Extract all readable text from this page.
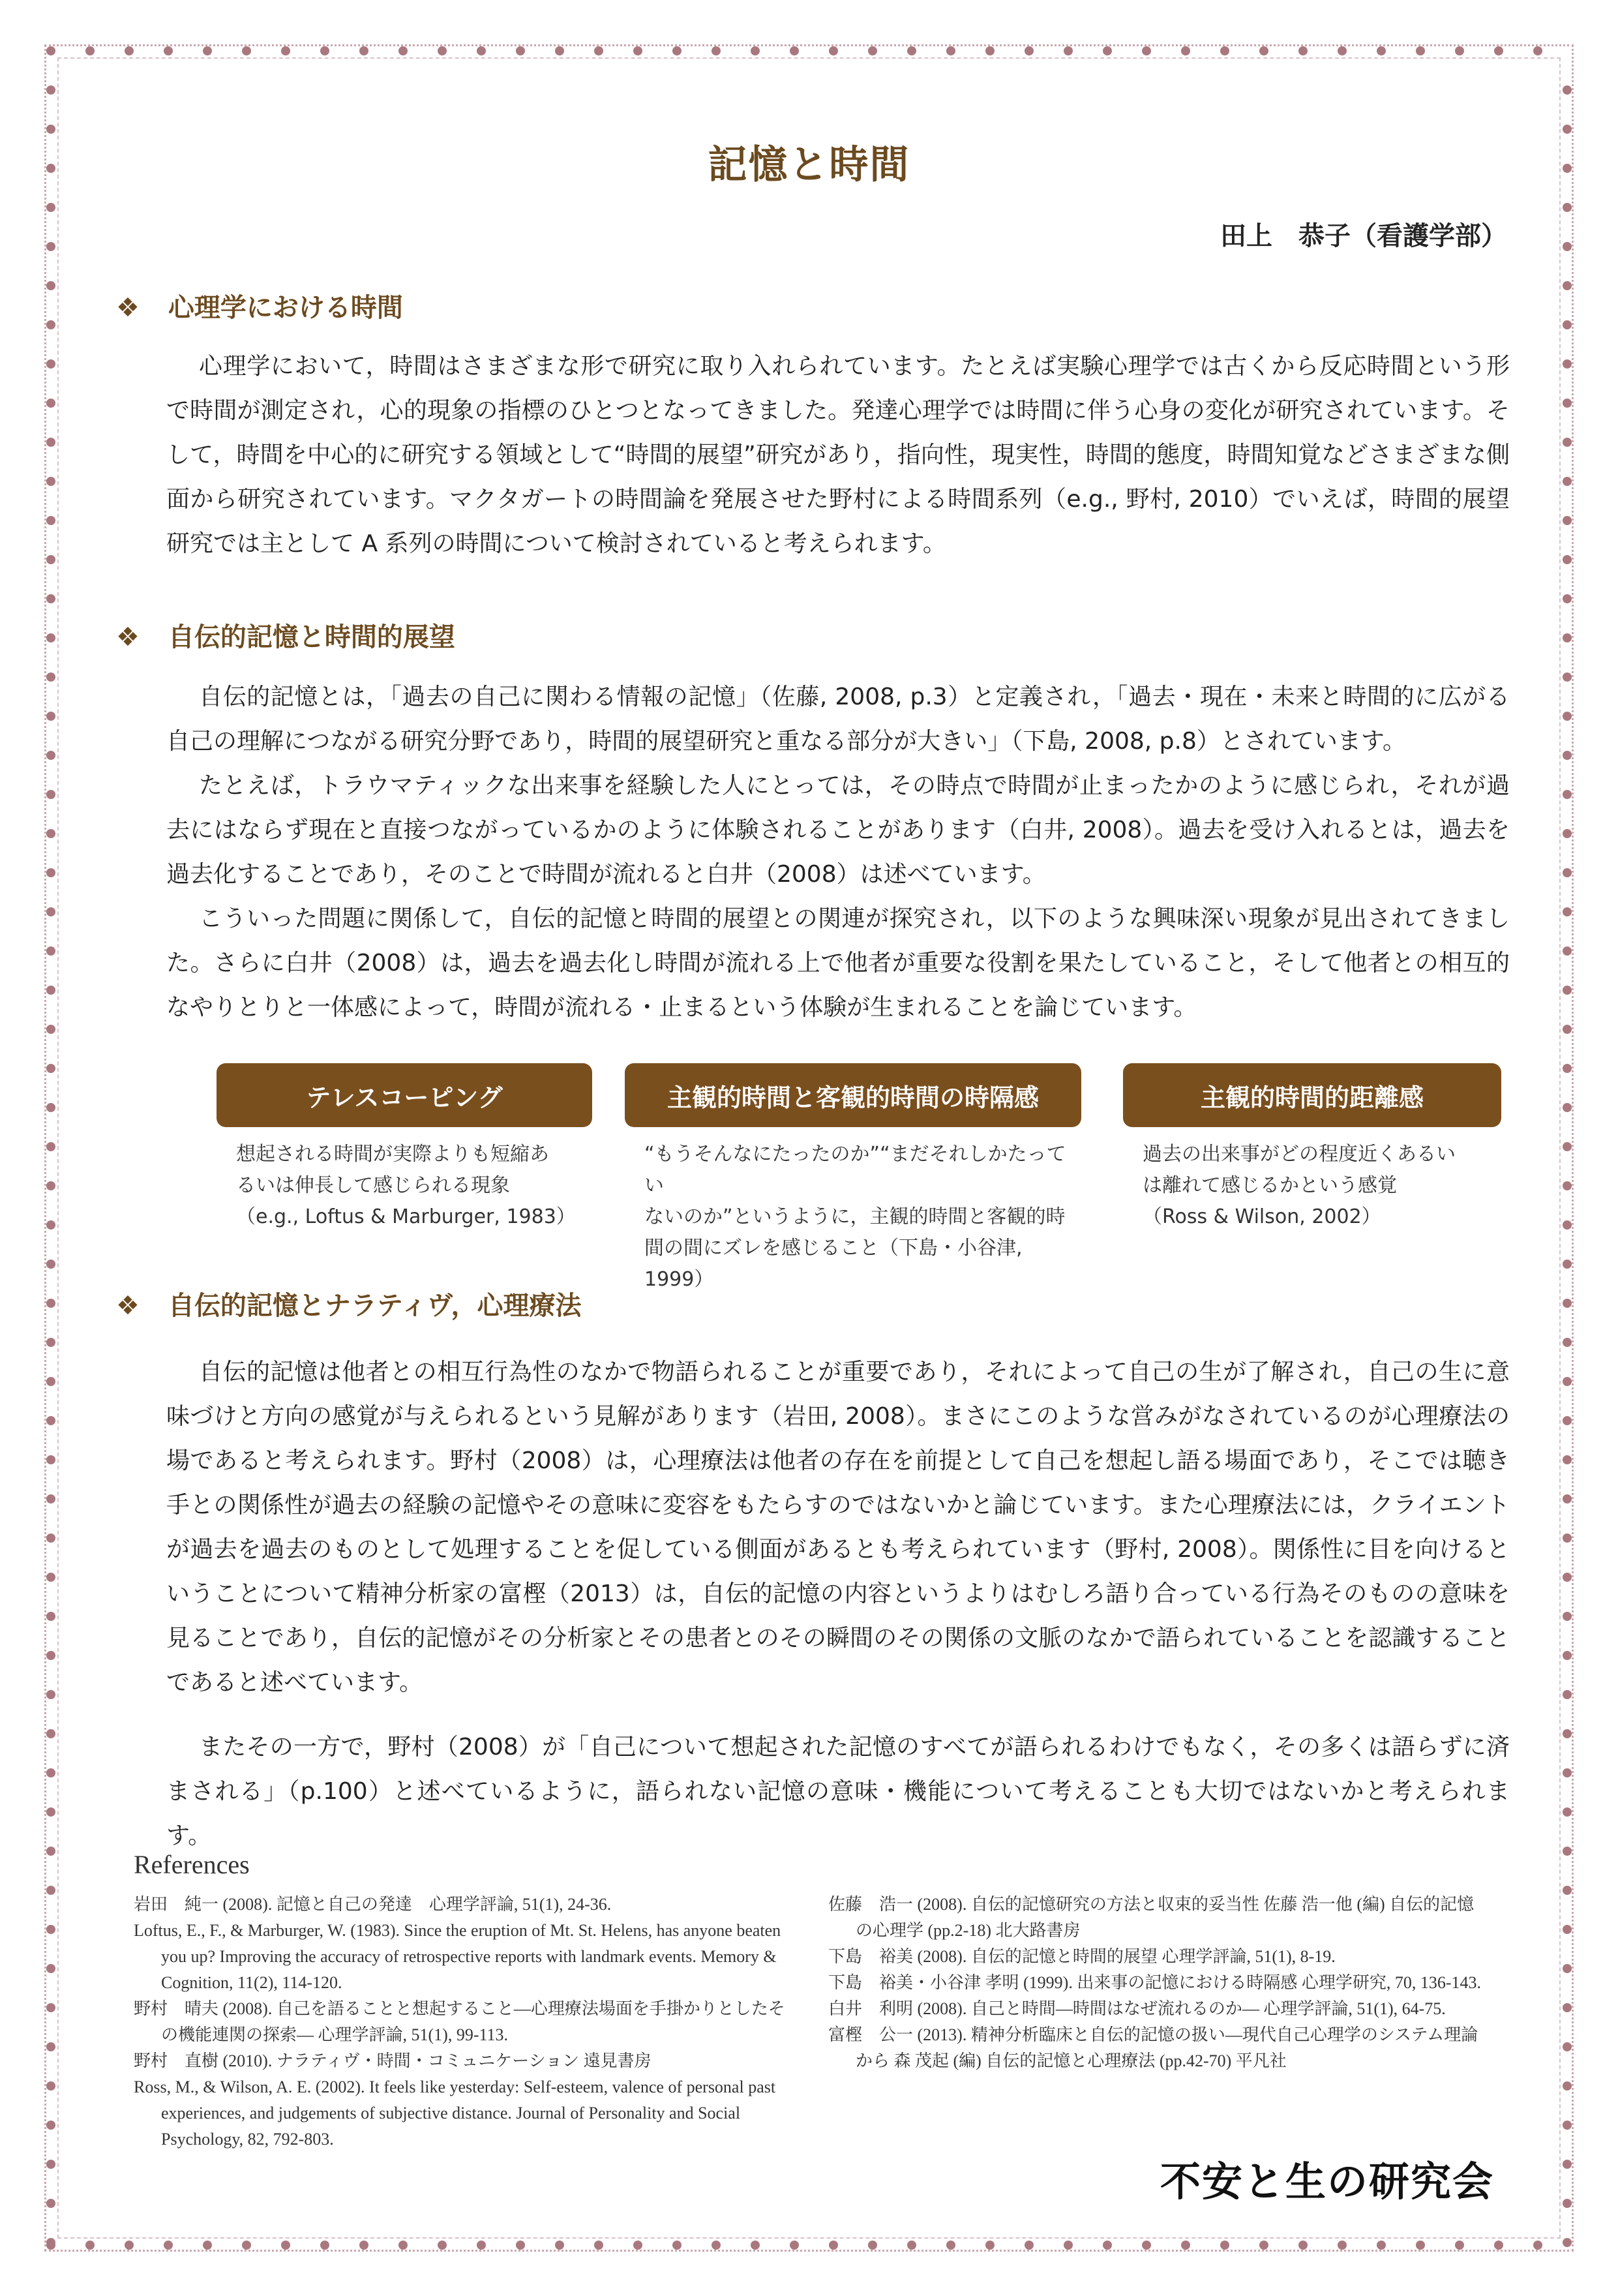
記憶と時間
田上　恭子（看護学部）
❖ 心理学における時間

心理学において，時間はさまざまな形で研究に取り入れられています。たとえば実験心理学では古くから反応時間という形で時間が測定され，心的現象の指標のひとつとなってきました。発達心理学では時間に伴う心身の変化が研究されています。そして，時間を中心的に研究する領域として“時間的展望”研究があり，指向性，現実性，時間的態度，時間知覚などさまざまな側面から研究されています。マクタガートの時間論を発展させた野村による時間系列（e.g., 野村, 2010）でいえば，時間的展望研究では主として A 系列の時間について検討されていると考えられます。

❖ 自伝的記憶と時間的展望

自伝的記憶とは，「過去の自己に関わる情報の記憶」（佐藤, 2008, p.3）と定義され，「過去・現在・未来と時間的に広がる自己の理解につながる研究分野であり，時間的展望研究と重なる部分が大きい」（下島, 2008, p.8）とされています。

たとえば，トラウマティックな出来事を経験した人にとっては，その時点で時間が止まったかのように感じられ，それが過去にはならず現在と直接つながっているかのように体験されることがあります（白井, 2008）。過去を受け入れるとは，過去を過去化することであり，そのことで時間が流れると白井（2008）は述べています。

こういった問題に関係して，自伝的記憶と時間的展望との関連が探究され，以下のような興味深い現象が見出されてきました。さらに白井（2008）は，過去を過去化し時間が流れる上で他者が重要な役割を果たしていること，そして他者との相互的なやりとりと一体感によって，時間が流れる・止まるという体験が生まれることを論じています。

テレスコーピング
想起される時間が実際よりも短縮あ
るいは伸長して感じられる現象
（e.g., Loftus & Marburger, 1983）
主観的時間と客観的時間の時隔感
“もうそんなにたったのか”“まだそれしかたってい
ないのか”というように，主観的時間と客観的時
間の間にズレを感じること（下島・小谷津, 1999）
主観的時間的距離感
過去の出来事がどの程度近くあるい
は離れて感じるかという感覚
（Ross & Wilson, 2002）
❖ 自伝的記憶とナラティヴ，心理療法

自伝的記憶は他者との相互行為性のなかで物語られることが重要であり，それによって自己の生が了解され，自己の生に意味づけと方向の感覚が与えられるという見解があります（岩田, 2008）。まさにこのような営みがなされているのが心理療法の場であると考えられます。野村（2008）は，心理療法は他者の存在を前提として自己を想起し語る場面であり，そこでは聴き手との関係性が過去の経験の記憶やその意味に変容をもたらすのではないかと論じています。また心理療法には，クライエントが過去を過去のものとして処理することを促している側面があるとも考えられています（野村, 2008）。関係性に目を向けるということについて精神分析家の富樫（2013）は，自伝的記憶の内容というよりはむしろ語り合っている行為そのものの意味を見ることであり，自伝的記憶がその分析家とその患者とのその瞬間のその関係の文脈のなかで語られていることを認識することであると述べています。

またその一方で，野村（2008）が「自己について想起された記憶のすべてが語られるわけでもなく，その多くは語らずに済まされる」（p.100）と述べているように，語られない記憶の意味・機能について考えることも大切ではないかと考えられます。

References

岩田　純一 (2008). 記憶と自己の発達　心理学評論, 51(1), 24-36.

Loftus, E., F., & Marburger, W. (1983). Since the eruption of Mt. St. Helens, has anyone beaten you up? Improving the accuracy of retrospective reports with landmark events. Memory & Cognition, 11(2), 114-120.

野村　晴夫 (2008). 自己を語ることと想起すること―心理療法場面を手掛かりとしたその機能連関の探索― 心理学評論, 51(1), 99-113.

野村　直樹 (2010). ナラティヴ・時間・コミュニケーション 遠見書房

Ross, M., & Wilson, A. E. (2002). It feels like yesterday: Self-esteem, valence of personal past experiences, and judgements of subjective distance. Journal of Personality and Social Psychology, 82, 792-803.

佐藤　浩一 (2008). 自伝的記憶研究の方法と収束的妥当性 佐藤 浩一他 (編) 自伝的記憶の心理学 (pp.2-18) 北大路書房

下島　裕美 (2008). 自伝的記憶と時間的展望 心理学評論, 51(1), 8-19.

下島　裕美・小谷津 孝明 (1999). 出来事の記憶における時隔感 心理学研究, 70, 136-143.

白井　利明 (2008). 自己と時間―時間はなぜ流れるのか― 心理学評論, 51(1), 64-75.

富樫　公一 (2013). 精神分析臨床と自伝的記憶の扱い―現代自己心理学のシステム理論から 森 茂起 (編) 自伝的記憶と心理療法 (pp.42-70) 平凡社

不安と生の研究会
